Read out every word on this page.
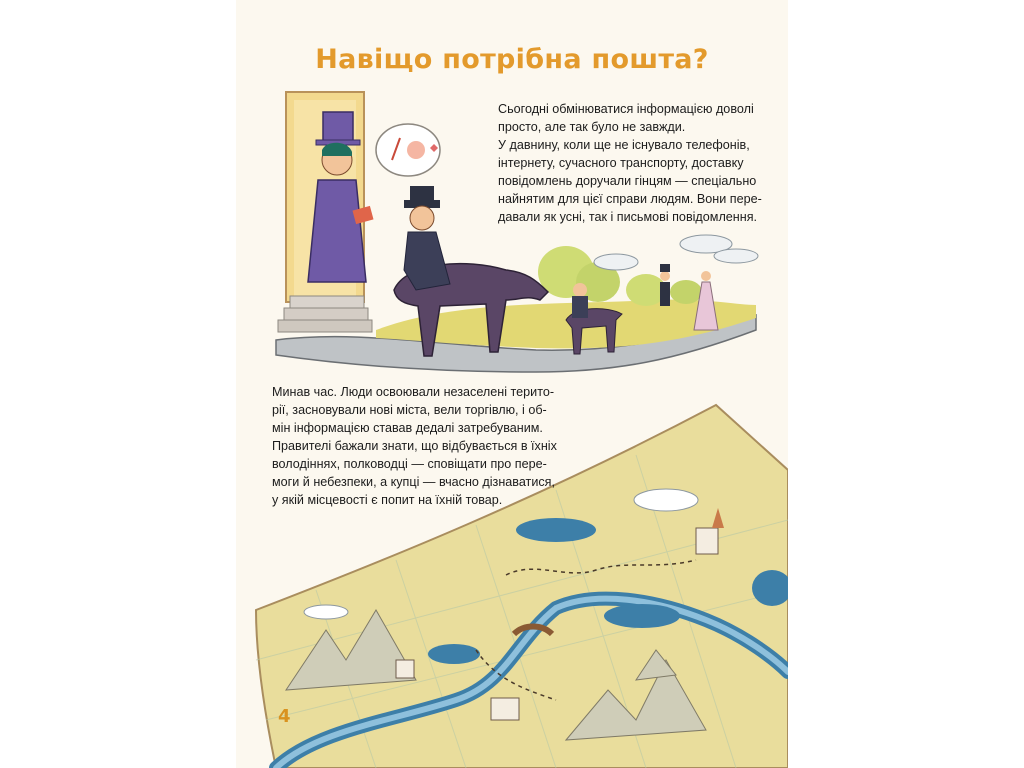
Навіщо потрібна пошта?

Сьогодні обмінюватися інформацією доволі
просто, але так було не завжди.
У давнину, коли ще не існувало телефонів,
інтернету, сучасного транспорту, доставку
повідомлень доручали гінцям — спеціально
найнятим для цієї справи людям. Вони пере-
давали як усні, так і письмові повідомлення.

Минав час. Люди освоювали незаселені терито-
рії, засновували нові міста, вели торгівлю, і об-
мін інформацією ставав дедалі затребуваним.
Правителі бажали знати, що відбувається в їхніх
володіннях, полководці — сповіщати про пере-
моги й небезпеки, а купці — вчасно дізнаватися,
у якій місцевості є попит на їхній товар.

4
